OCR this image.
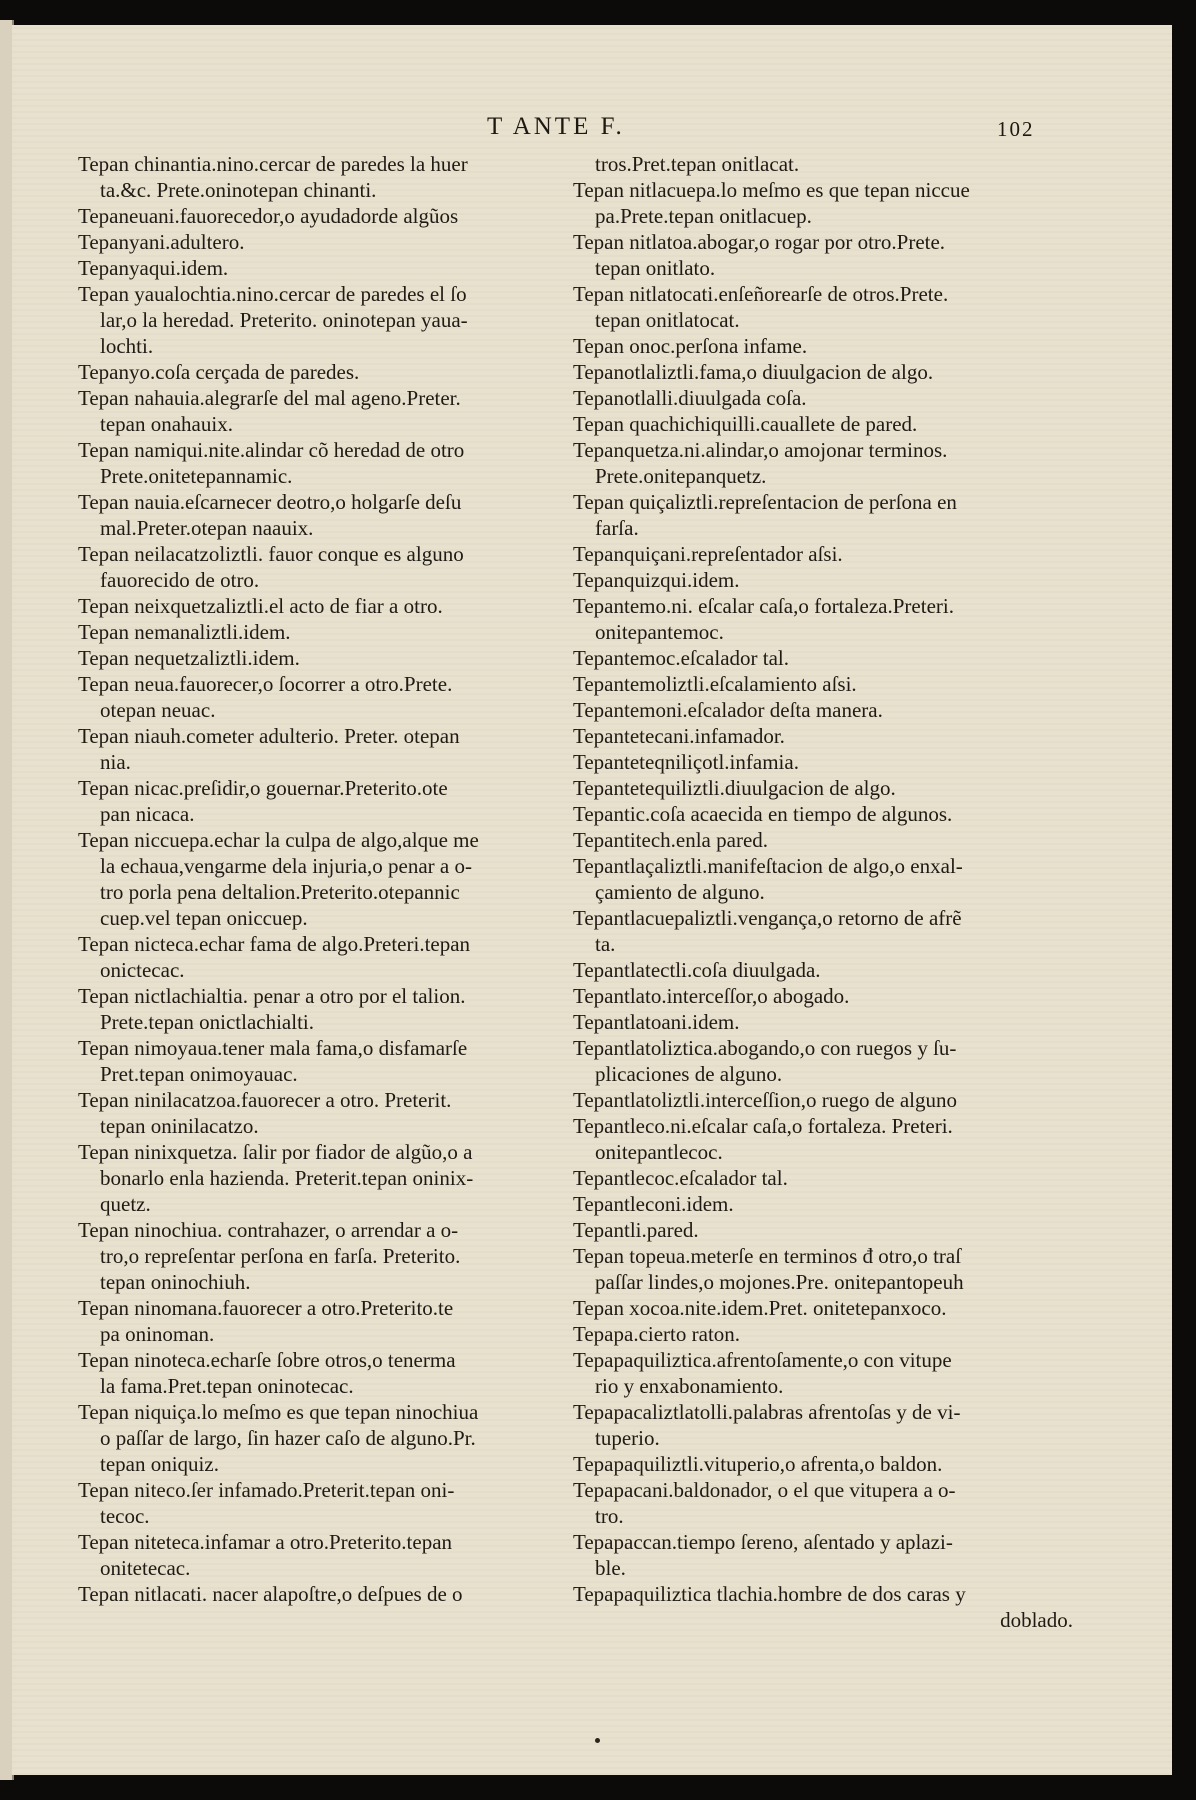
T ANTE F.	102
Tepan chinantia.nino.cercar de paredes la huer
ta.&c. Prete.oninotepan chinanti.
Tepaneuani.fauorecedor,o ayudadorde algũos
Tepanyani.adultero.
Tepanyaqui.idem.
Tepan yaualochtia.nino.cercar de paredes el ſo
lar,o la heredad. Preterito. oninotepan yaua-
lochti.
Tepanyo.coſa cerçada de paredes.
Tepan nahauia.alegrarſe del mal ageno.Preter.
tepan onahauix.
Tepan namiqui.nite.alindar cõ heredad de otro
Prete.onitetepannamic.
Tepan nauia.eſcarnecer deotro,o holgarſe deſu
mal.Preter.otepan naauix.
Tepan neilacatzoliztli. fauor conque es alguno
fauorecido de otro.
Tepan neixquetzaliztli.el acto de fiar a otro.
Tepan nemanaliztli.idem.
Tepan nequetzaliztli.idem.
Tepan neua.fauorecer,o ſocorrer a otro.Prete.
otepan neuac.
Tepan niauh.cometer adulterio. Preter. otepan
nia.
Tepan nicac.preſidir,o gouernar.Preterito.ote
pan nicaca.
Tepan niccuepa.echar la culpa de algo,alque me
la echaua,vengarme dela injuria,o penar a o-
tro porla pena deltalion.Preterito.otepannic
cuep.vel tepan oniccuep.
Tepan nicteca.echar fama de algo.Preteri.tepan
onictecac.
Tepan nictlachialtia. penar a otro por el talion.
Prete.tepan onictlachialti.
Tepan nimoyaua.tener mala fama,o disfamarſe
Pret.tepan onimoyauac.
Tepan ninilacatzoa.fauorecer a otro. Preterit.
tepan oninilacatzo.
Tepan ninixquetza. ſalir por fiador de algũo,o a
bonarlo enla hazienda. Preterit.tepan oninix-
quetz.
Tepan ninochiua. contrahazer, o arrendar a o-
tro,o repreſentar perſona en farſa. Preterito.
tepan oninochiuh.
Tepan ninomana.fauorecer a otro.Preterito.te
pa oninoman.
Tepan ninoteca.echarſe ſobre otros,o tenerma
la fama.Pret.tepan oninotecac.
Tepan niquiça.lo meſmo es que tepan ninochiua
o paſſar de largo, ſin hazer caſo de alguno.Pr.
tepan oniquiz.
Tepan niteco.ſer infamado.Preterit.tepan oni-
tecoc.
Tepan niteteca.infamar a otro.Preterito.tepan
onitetecac.
Tepan nitlacati. nacer alapoſtre,o deſpues de o
tros.Pret.tepan onitlacat.
Tepan nitlacuepa.lo meſmo es que tepan niccue
pa.Prete.tepan onitlacuep.
Tepan nitlatoa.abogar,o rogar por otro.Prete.
tepan onitlato.
Tepan nitlatocati.enſeñorearſe de otros.Prete.
tepan onitlatocat.
Tepan onoc.perſona infame.
Tepanotlaliztli.fama,o diuulgacion de algo.
Tepanotlalli.diuulgada coſa.
Tepan quachichiquilli.cauallete de pared.
Tepanquetza.ni.alindar,o amojonar terminos.
Prete.onitepanquetz.
Tepan quiçaliztli.repreſentacion de perſona en
farſa.
Tepanquiçani.repreſentador aſsi.
Tepanquizqui.idem.
Tepantemo.ni. eſcalar caſa,o fortaleza.Preteri.
onitepantemoc.
Tepantemoc.eſcalador tal.
Tepantemoliztli.eſcalamiento aſsi.
Tepantemoni.eſcalador deſta manera.
Tepantetecani.infamador.
Tepanteteqniliçotl.infamia.
Tepantetequiliztli.diuulgacion de algo.
Tepantic.coſa acaecida en tiempo de algunos.
Tepantitech.enla pared.
Tepantlaçaliztli.manifeſtacion de algo,o enxal-
çamiento de alguno.
Tepantlacuepaliztli.vengança,o retorno de afrẽ
ta.
Tepantlatectli.coſa diuulgada.
Tepantlato.interceſſor,o abogado.
Tepantlatoani.idem.
Tepantlatoliztica.abogando,o con ruegos y ſu-
plicaciones de alguno.
Tepantlatoliztli.interceſſion,o ruego de alguno
Tepantleco.ni.eſcalar caſa,o fortaleza. Preteri.
onitepantlecoc.
Tepantlecoc.eſcalador tal.
Tepantleconi.idem.
Tepantli.pared.
Tepan topeua.meterſe en terminos đ otro,o traſ
paſſar lindes,o mojones.Pre. onitepantopeuh
Tepan xocoa.nite.idem.Pret. onitetepanxoco.
Tepapa.cierto raton.
Tepapaquiliztica.afrentoſamente,o con vitupe
rio y enxabonamiento.
Tepapacaliztlatolli.palabras afrentoſas y de vi-
tuperio.
Tepapaquiliztli.vituperio,o afrenta,o baldon.
Tepapacani.baldonador, o el que vitupera a o-
tro.
Tepapaccan.tiempo ſereno, aſentado y aplazi-
ble.
Tepapaquiliztica tlachia.hombre de dos caras y
doblado.
